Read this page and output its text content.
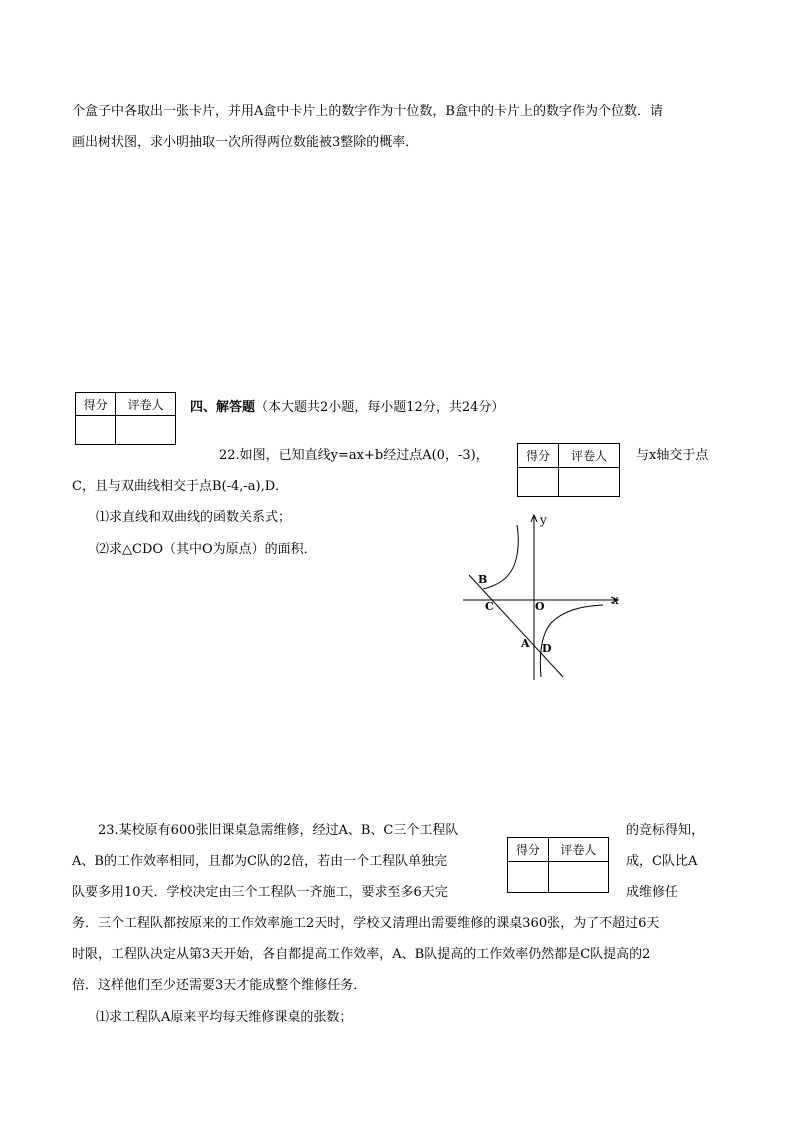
个盒子中各取出一张卡片，并用A盒中卡片上的数字作为十位数，B盒中的卡片上的数字作为个位数．请
画出树状图，求小明抽取一次所得两位数能被3整除的概率．
得分	评卷人
	四、解答题（本大题共2小题，每小题12分，共24分）
22.如图，已知直线y=ax+b经过点A(0，-3)，	得分	评卷人
	与x轴交于点
C，且与双曲线相交于点B(-4,-a),D．
⑴求直线和双曲线的函数关系式；
⑵求△CDO（其中O为原点）的面积．
x
y
B
C	O
A D
23.某校原有600张旧课桌急需维修，经过A、B、C三个工程队	的竞标得知，
得分	评卷人

A、B的工作效率相同，且都为C队的2倍，若由一个工程队单独完	成，C队比A
队要多用10天．学校决定由三个工程队一齐施工，要求至多6天完	成维修任
务．三个工程队都按原来的工作效率施工2天时，学校又清理出需要维修的课桌360张，为了不超过6天
时限，工程队决定从第3天开始，各自都提高工作效率，A、B队提高的工作效率仍然都是C队提高的2
倍．这样他们至少还需要3天才能成整个维修任务．
⑴求工程队A原来平均每天维修课桌的张数；
